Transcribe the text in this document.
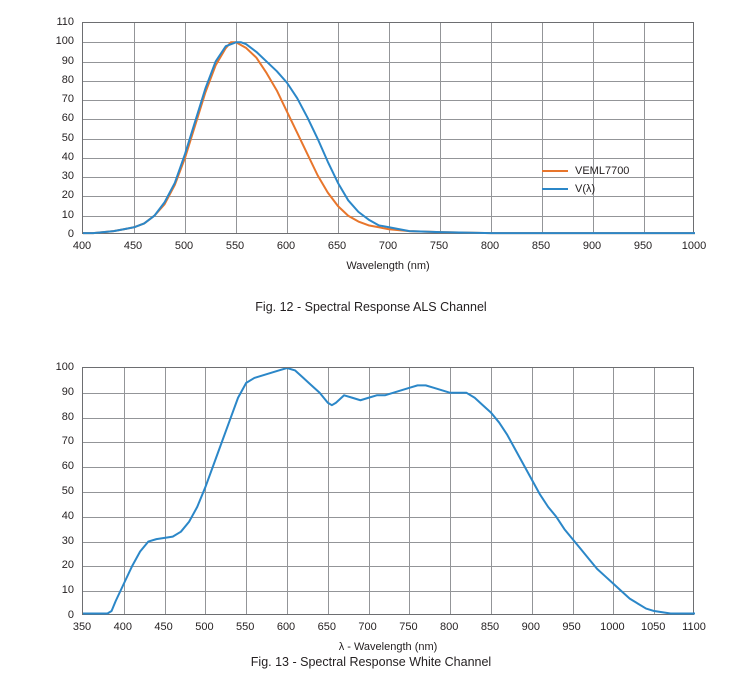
110
100
90
80
70
60
50
40
30
20
10
0
400	450	500	550	600	650	700	750	800	850	900	950	1000
Wavelength (nm)
VEML7700
V(λ)
Fig. 12 - Spectral Response ALS Channel
100
90
80
70
60
50
40
30
20
10
0
350 400 450 500 550 600 650 700 750 800 850 900 950 1000 1050 1100
λ - Wavelength (nm)
Fig. 13 - Spectral Response White Channel
